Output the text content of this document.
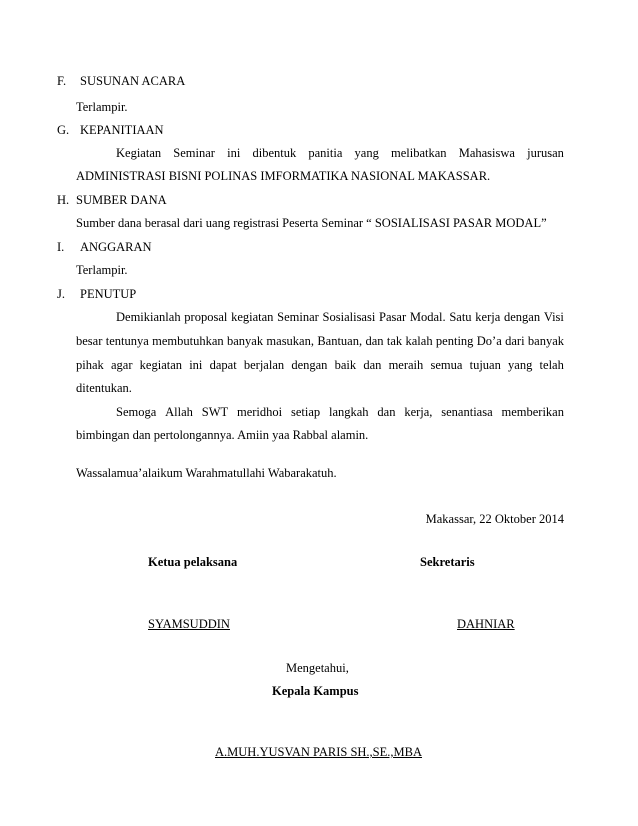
F. SUSUNAN ACARA
Terlampir.
G. KEPANITIAAN
Kegiatan Seminar ini dibentuk panitia yang melibatkan Mahasiswa jurusan
ADMINISTRASI BISNI POLINAS IMFORMATIKA NASIONAL MAKASSAR.
H. SUMBER DANA
Sumber dana berasal dari uang registrasi Peserta Seminar “ SOSIALISASI PASAR MODAL”
I. ANGGARAN
Terlampir.
J. PENUTUP
Demikianlah proposal kegiatan Seminar Sosialisasi Pasar Modal. Satu kerja dengan Visi
besar tentunya membutuhkan banyak masukan, Bantuan, dan tak kalah penting Do’a dari banyak
pihak agar kegiatan ini dapat berjalan dengan baik dan meraih semua tujuan yang telah
ditentukan.
Semoga Allah SWT meridhoi setiap langkah dan kerja, senantiasa memberikan
bimbingan dan pertolongannya. Amiin yaa Rabbal alamin.
Wassalamua’alaikum Warahmatullahi Wabarakatuh.
Makassar, 22 Oktober 2014
Ketua pelaksana	Sekretaris
SYAMSUDDIN	DAHNIAR
Mengetahui,
Kepala Kampus
A.MUH.YUSVAN PARIS SH.,SE.,MBA
